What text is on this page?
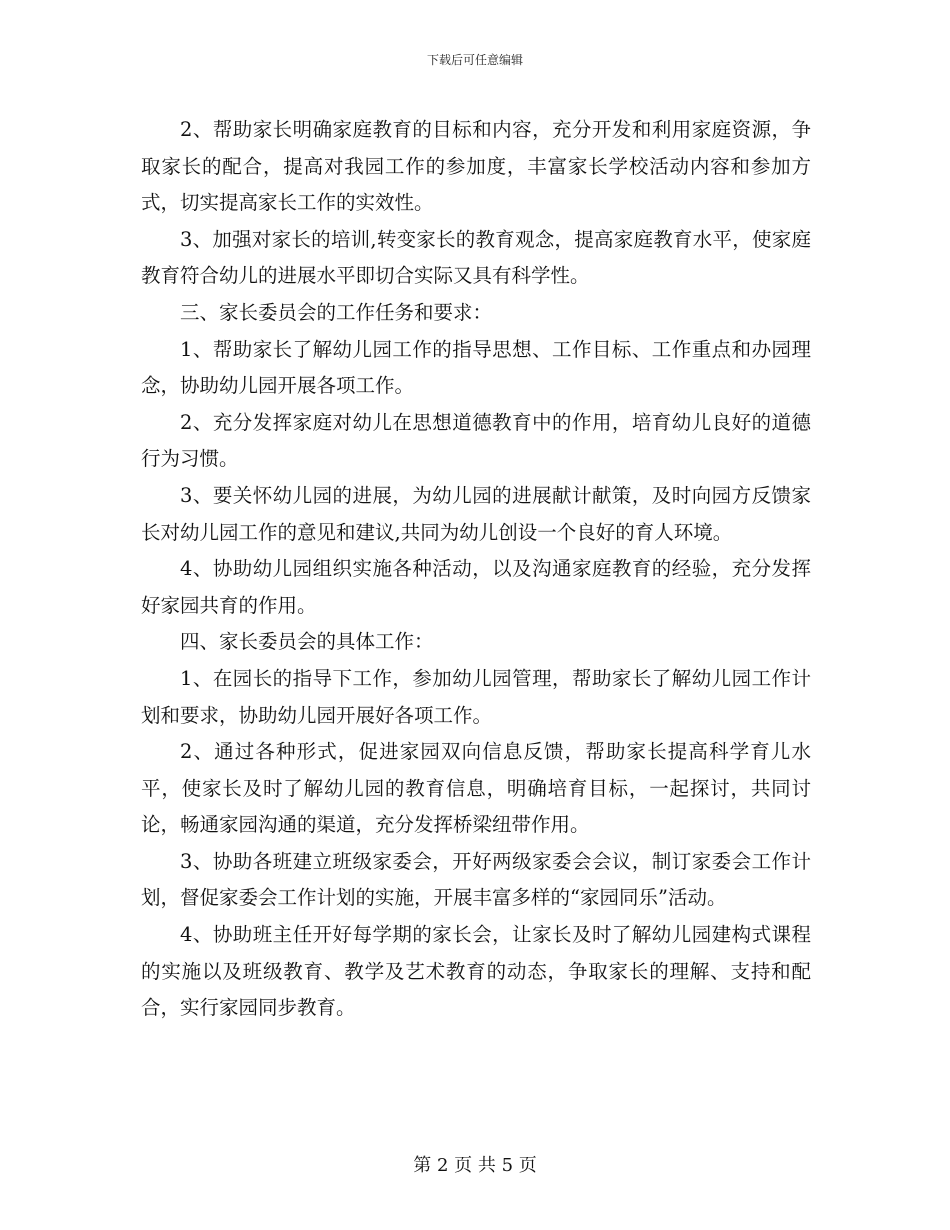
下载后可任意编辑

2、帮助家长明确家庭教育的目标和内容，充分开发和利用家庭资源，争取家长的配合，提高对我园工作的参加度，丰富家长学校活动内容和参加方式，切实提高家长工作的实效性。

3、加强对家长的培训,转变家长的教育观念，提高家庭教育水平，使家庭教育符合幼儿的进展水平即切合实际又具有科学性。

三、家长委员会的工作任务和要求：

1、帮助家长了解幼儿园工作的指导思想、工作目标、工作重点和办园理念，协助幼儿园开展各项工作。

2、充分发挥家庭对幼儿在思想道德教育中的作用，培育幼儿良好的道德行为习惯。

3、要关怀幼儿园的进展，为幼儿园的进展献计献策，及时向园方反馈家长对幼儿园工作的意见和建议,共同为幼儿创设一个良好的育人环境。

4、协助幼儿园组织实施各种活动，以及沟通家庭教育的经验，充分发挥好家园共育的作用。

四、家长委员会的具体工作：

1、在园长的指导下工作，参加幼儿园管理，帮助家长了解幼儿园工作计划和要求，协助幼儿园开展好各项工作。

2、通过各种形式，促进家园双向信息反馈，帮助家长提高科学育儿水平，使家长及时了解幼儿园的教育信息，明确培育目标，一起探讨，共同讨论，畅通家园沟通的渠道，充分发挥桥梁纽带作用。

3、协助各班建立班级家委会，开好两级家委会会议，制订家委会工作计划，督促家委会工作计划的实施，开展丰富多样的“家园同乐”活动。

4、协助班主任开好每学期的家长会，让家长及时了解幼儿园建构式课程的实施以及班级教育、教学及艺术教育的动态，争取家长的理解、支持和配合，实行家园同步教育。

第 2 页 共 5 页
